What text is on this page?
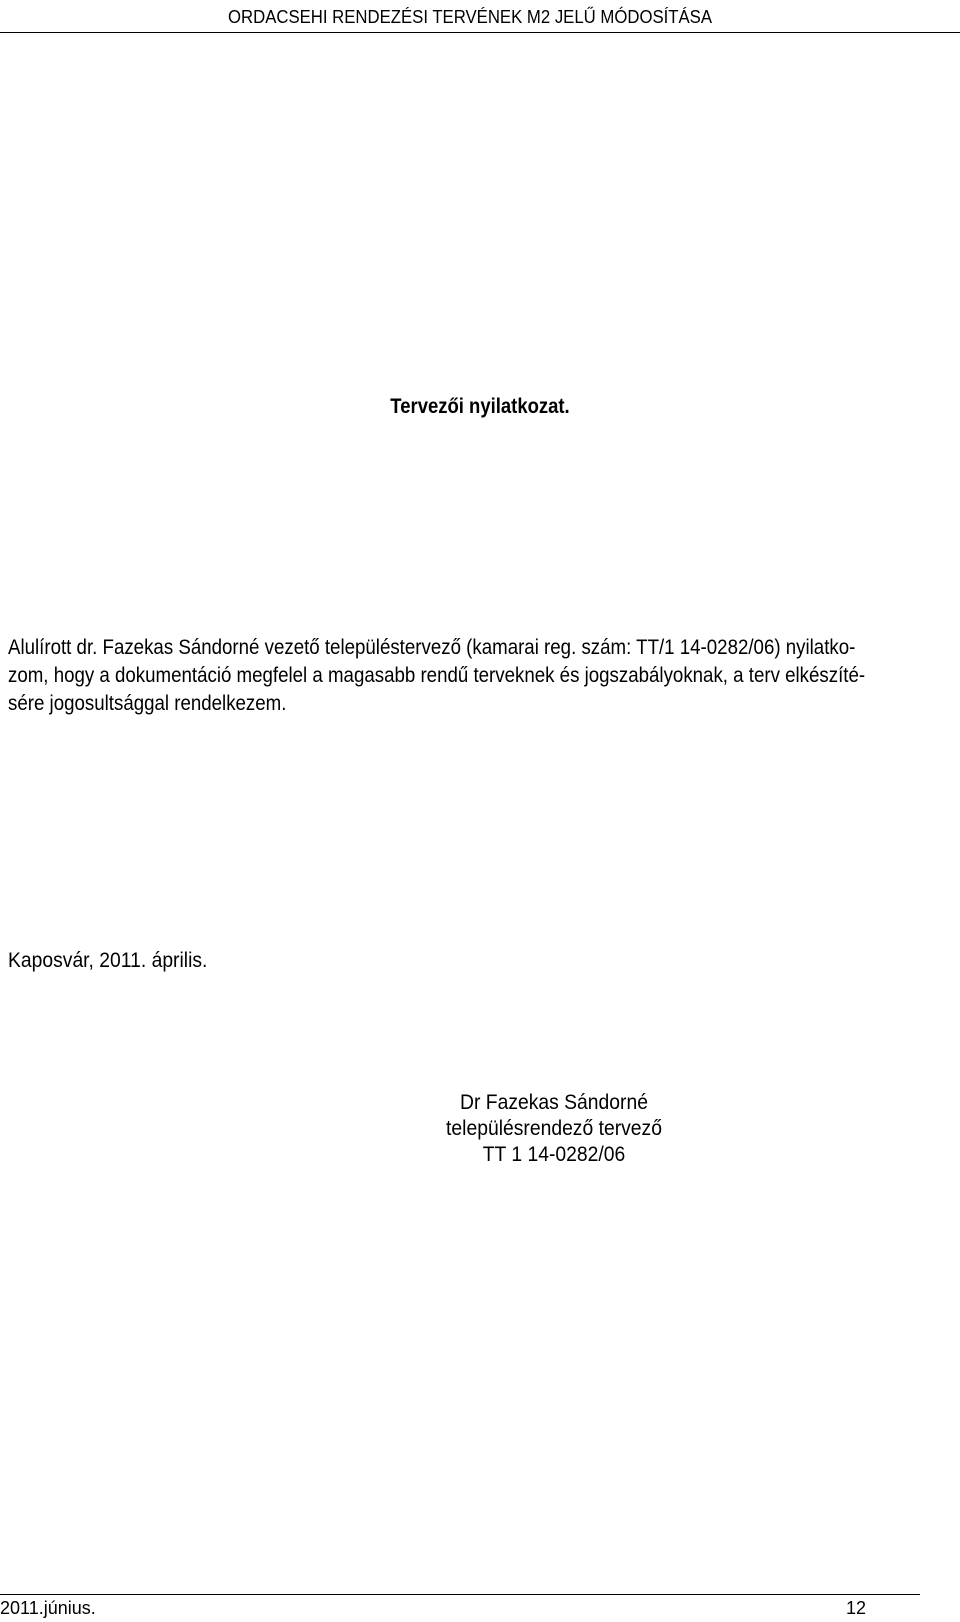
ORDACSEHI RENDEZÉSI TERVÉNEK M2 JELŰ MÓDOSÍTÁSA
Tervezői nyilatkozat.
Alulírott dr. Fazekas Sándorné vezető településtervező (kamarai reg. szám: TT/1 14-0282/06) nyilatko-
zom, hogy a dokumentáció megfelel a magasabb rendű terveknek és jogszabályoknak, a terv elkészíté-
sére jogosultsággal rendelkezem.
Kaposvár, 2011. április.
Dr Fazekas Sándorné
településrendező tervező
TT 1 14-0282/06
2011.június.	12
